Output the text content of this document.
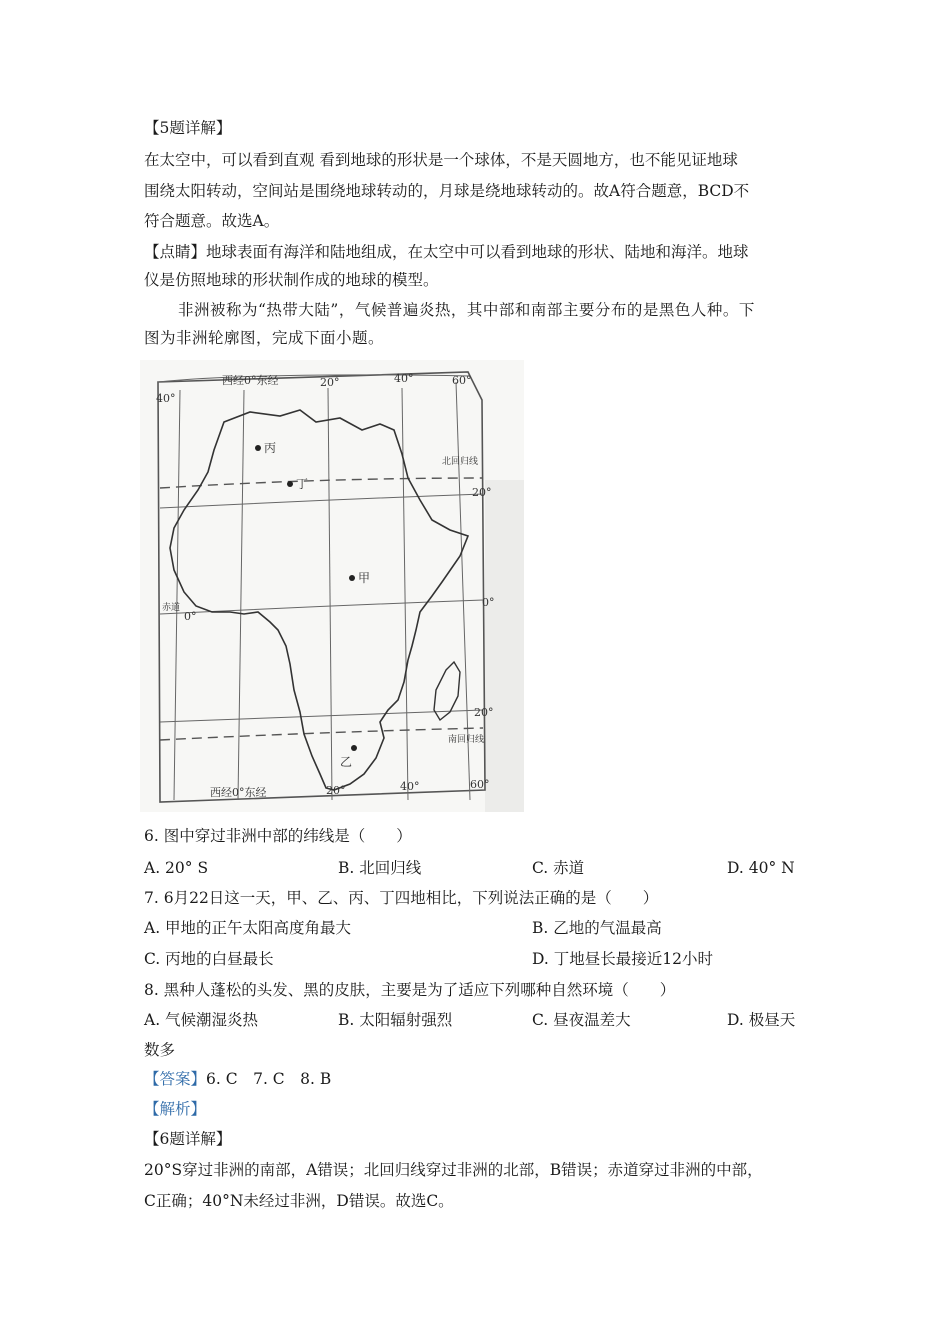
【5题详解】
在太空中，可以看到直观 看到地球的形状是一个球体，不是天圆地方，也不能见证地球
围绕太阳转动，空间站是围绕地球转动的，月球是绕地球转动的。故A符合题意，BCD不
符合题意。故选A。
【点睛】地球表面有海洋和陆地组成，在太空中可以看到地球的形状、陆地和海洋。地球
仪是仿照地球的形状制作成的地球的模型。
非洲被称为“热带大陆”，气候普遍炎热，其中部和南部主要分布的是黑色人种。下
图为非洲轮廓图，完成下面小题。
西经0°东经	20°	40°	60°
40°
北回归线
20°
0°
赤道
0°
20°
南回归线
西经0°东经	20°	40°	60°
丙
丁
甲
乙
6. 图中穿过非洲中部的纬线是（　　）
A. 20° S	B. 北回归线	C. 赤道	D. 40° N
7. 6月22日这一天，甲、乙、丙、丁四地相比，下列说法正确的是（　　）
A. 甲地的正午太阳高度角最大	B. 乙地的气温最高
C. 丙地的白昼最长	D. 丁地昼长最接近12小时
8. 黑种人蓬松的头发、黑的皮肤，主要是为了适应下列哪种自然环境（　　）
A. 气候潮湿炎热	B. 太阳辐射强烈	C. 昼夜温差大	D. 极昼天
数多
【答案】6. C　7. C　8. B
【解析】
【6题详解】
20°S穿过非洲的南部，A错误；北回归线穿过非洲的北部，B错误；赤道穿过非洲的中部，
C正确；40°N未经过非洲，D错误。故选C。
